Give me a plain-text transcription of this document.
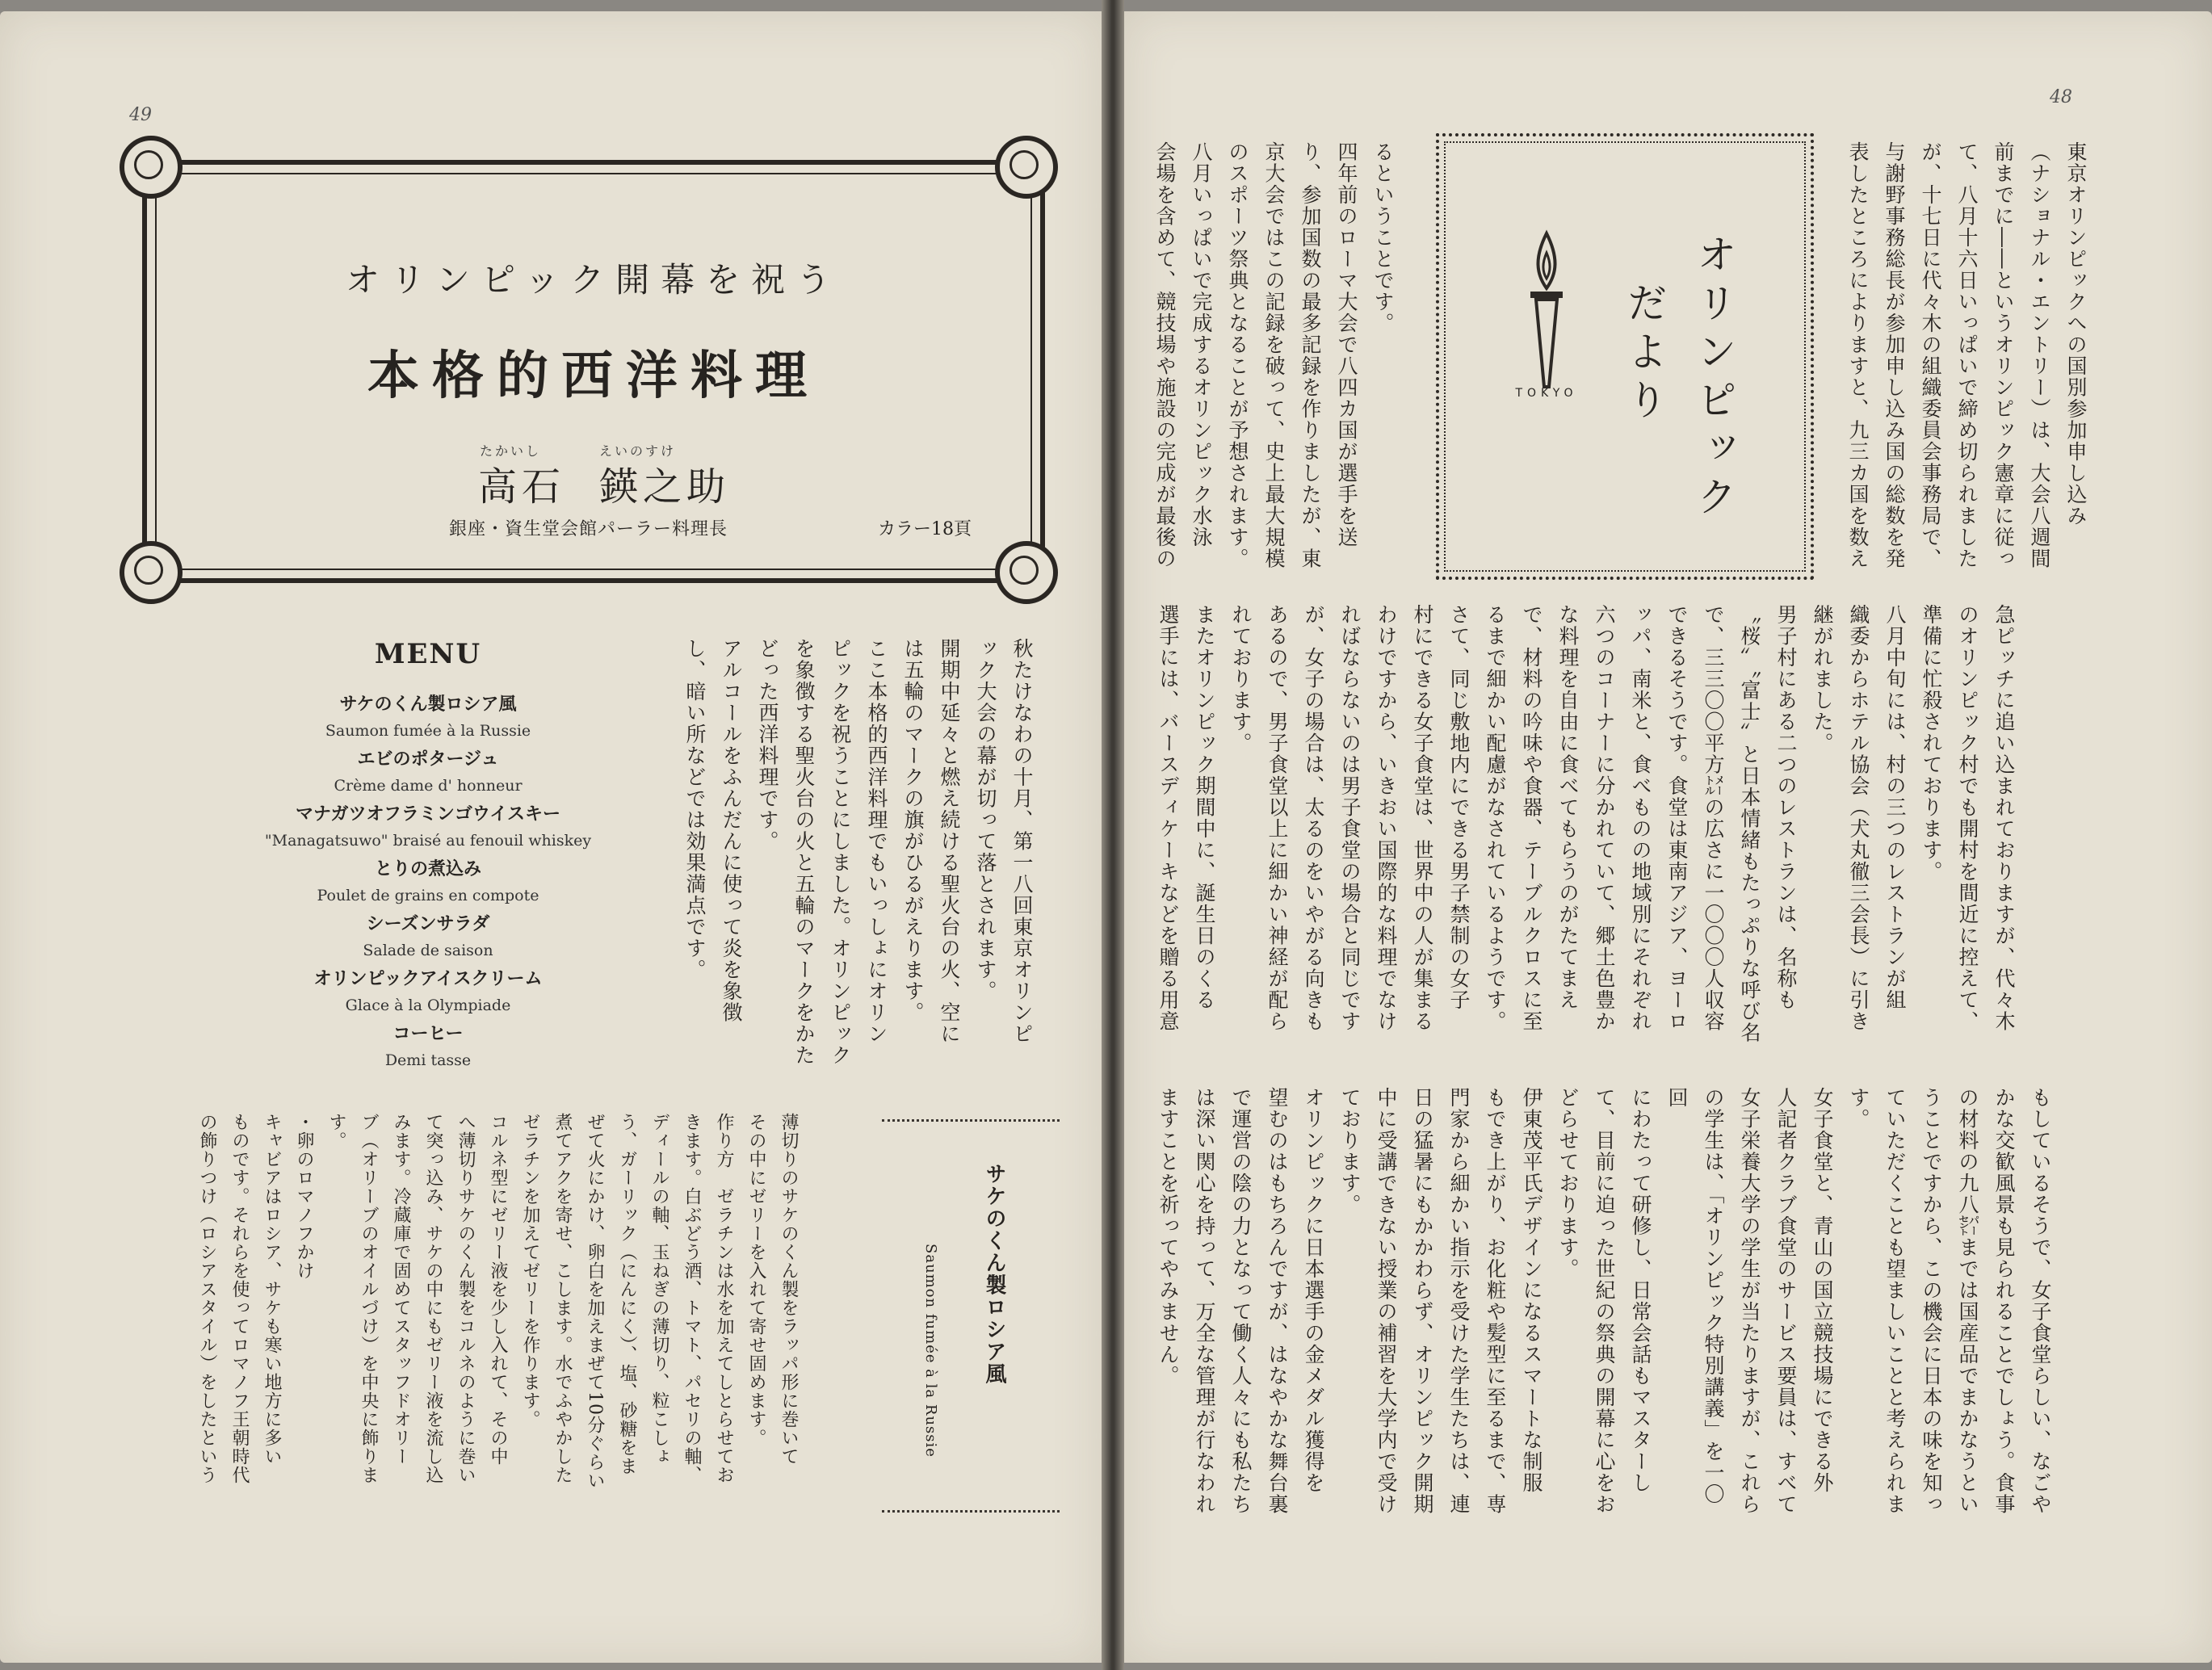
49
オリンピック開幕を祝う
本格的西洋料理
たかいし	えいのすけ
高石 鍈之助
銀座・資生堂会館パーラー料理長	カラー18頁
MENU
サケのくん製ロシア風
Saumon fumée à la Russie
エビのポタージュ
Crème dame d' honneur
マナガツオフラミンゴウイスキー
"Managatsuwo" braisé au fenouil whiskey
とりの煮込み
Poulet de grains en compote
シーズンサラダ
Salade de saison
オリンピックアイスクリーム
Glace à la Olympiade
コーヒー
Demi tasse
秋たけなわの十月、第一八回東京オリンピ
ック大会の幕が切って落とされます。
開期中延々と燃え続ける聖火台の火、空に
は五輪のマークの旗がひるがえります。
ここ本格的西洋料理でもいっしょにオリン
ピックを祝うことにしました。オリンピック
を象徴する聖火台の火と五輪のマークをかた
どった西洋料理です。
アルコールをふんだんに使って炎を象徴
し、暗い所などでは効果満点です。
サケのくん製ロシア風
Saumon fumée à la Russie
薄切りのサケのくん製をラッパ形に巻いて
その中にゼリーを入れて寄せ固めます。
作り方　ゼラチンは水を加えてしとらせてお
きます。白ぶどう酒、トマト、パセリの軸、
ディールの軸、玉ねぎの薄切り、粒こしょ
う、ガーリック（にんにく）、塩、砂糖をま
ぜて火にかけ、卵白を加えまぜて10分ぐらい
煮てアクを寄せ、こします。水でふやかした
ゼラチンを加えてゼリーを作ります。
コルネ型にゼリー液を少し入れて、その中
へ薄切りサケのくん製をコルネのように巻い
て突っ込み、サケの中にもゼリー液を流し込
みます。冷蔵庫で固めてスタッフドオリー
ブ（オリーブのオイルづけ）を中央に飾りま
す。
・卵のロマノフかけ
キャビアはロシア、サケも寒い地方に多い
ものです。それらを使ってロマノフ王朝時代
の飾りつけ（ロシアスタイル）をしたという
48
TOKYO	オリンピック
だより	東京オリンピックへの国別参加申し込み
（ナショナル・エントリー）は、大会八週間
前までに――というオリンピック憲章に従っ
て、八月十六日いっぱいで締め切られました
が、十七日に代々木の組織委員会事務局で、
与謝野事務総長が参加申し込み国の総数を発
表したところによりますと、九三カ国を数え
るということです。
四年前のローマ大会で八四カ国が選手を送
り、参加国数の最多記録を作りましたが、東
京大会ではこの記録を破って、史上最大規模
のスポーツ祭典となることが予想されます。
八月いっぱいで完成するオリンピック水泳
会場を含めて、競技場や施設の完成が最後の
急ピッチに追い込まれておりますが、代々木
のオリンピック村でも開村を間近に控えて、
準備に忙殺されております。
八月中旬には、村の三つのレストランが組
織委からホテル協会（犬丸徹三会長）に引き
継がれました。
男子村にある二つのレストランは、名称も
〝桜〟〝富士〟と日本情緒もたっぷりな呼び名
で、三三〇〇平方㍍の広さに一〇〇〇人収容
できるそうです。食堂は東南アジア、ヨーロ
ッパ、南米と、食べものの地域別にそれぞれ
六つのコーナーに分かれていて、郷土色豊か
な料理を自由に食べてもらうのがたてまえ
で、材料の吟味や食器、テーブルクロスに至
るまで細かい配慮がなされているようです。
さて、同じ敷地内にできる男子禁制の女子
村にできる女子食堂は、世界中の人が集まる
わけですから、いきおい国際的な料理でなけ
ればならないのは男子食堂の場合と同じです
が、女子の場合は、太るのをいやがる向きも
あるので、男子食堂以上に細かい神経が配ら
れております。
またオリンピック期間中に、誕生日のくる
選手には、バースディケーキなどを贈る用意
もしているそうで、女子食堂らしい、なごや
かな交歓風景も見られることでしょう。食事
の材料の九八㌫までは国産品でまかなうとい
うことですから、この機会に日本の味を知っ
ていただくことも望ましいことと考えられま
す。
女子食堂と、青山の国立競技場にできる外
人記者クラブ食堂のサービス要員は、すべて
女子栄養大学の学生が当たりますが、これら
の学生は、「オリンピック特別講義」を一〇回
にわたって研修し、日常会話もマスターし
て、目前に迫った世紀の祭典の開幕に心をお
どらせております。
伊東茂平氏デザインになるスマートな制服
もでき上がり、お化粧や髪型に至るまで、専
門家から細かい指示を受けた学生たちは、連
日の猛暑にもかかわらず、オリンピック開期
中に受講できない授業の補習を大学内で受け
ております。
オリンピックに日本選手の金メダル獲得を
望むのはもちろんですが、はなやかな舞台裏
で運営の陰の力となって働く人々にも私たち
は深い関心を持って、万全な管理が行なわれ
ますことを祈ってやみません。
